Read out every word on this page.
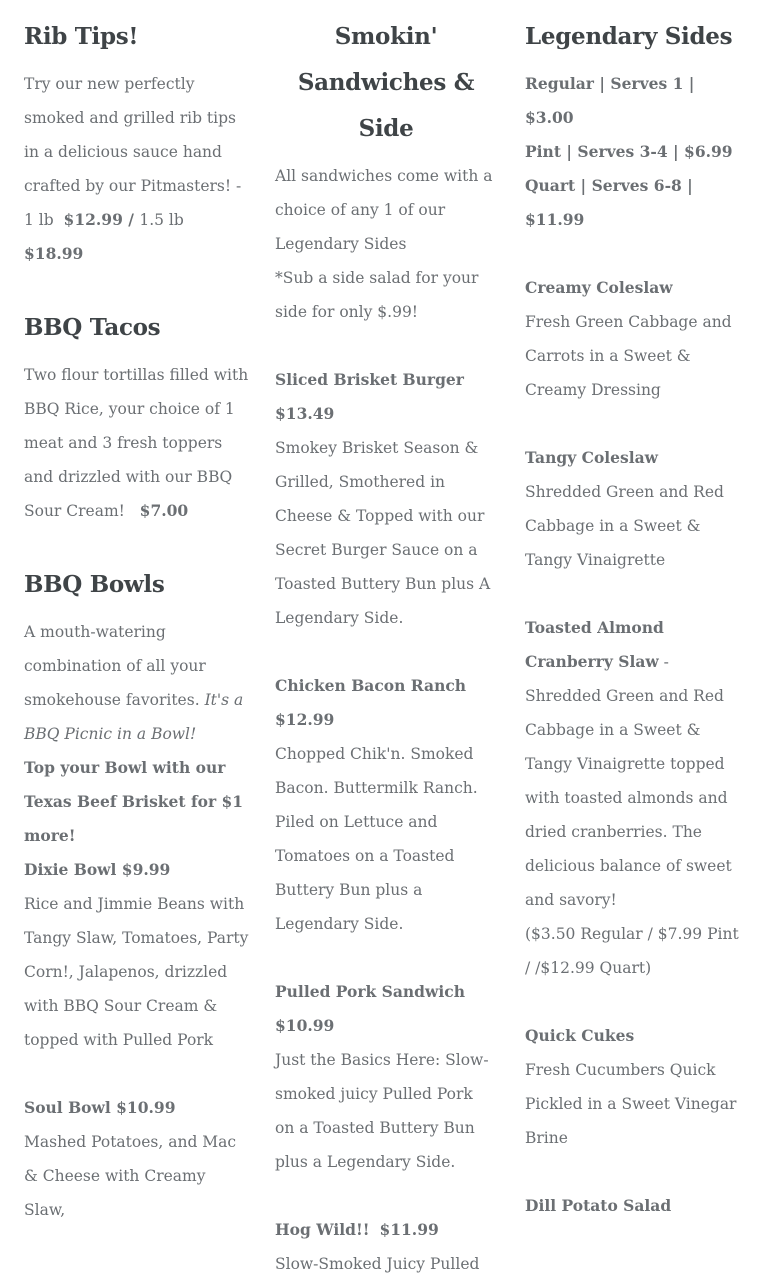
Rib Tips!

Try our new perfectly smoked and grilled rib tips in a delicious sauce hand crafted by our Pitmasters! - 1 lb $12.99 / 1.5 lb  $18.99

BBQ Tacos

Two flour tortillas filled with BBQ Rice, your choice of 1 meat and 3 fresh toppers and drizzled with our BBQ Sour Cream! $7.00

BBQ Bowls

A mouth-watering combination of all your smokehouse favorites. It's a BBQ Picnic in a Bowl!

Top your Bowl with our Texas Beef Brisket for $1 more!

Dixie Bowl $9.99

Rice and Jimmie Beans with Tangy Slaw, Tomatoes, Party Corn!, Jalapenos, drizzled with BBQ Sour Cream & topped with Pulled Pork

Soul Bowl $10.99

Mashed Potatoes, and Mac & Cheese with Creamy Slaw,

Smokin' Sandwiches & Side

All sandwiches come with a choice of any 1 of our Legendary Sides

*Sub a side salad for your side for only $.99!

Sliced Brisket Burger  $13.49

Smokey Brisket Season & Grilled, Smothered in Cheese & Topped with our Secret Burger Sauce on a Toasted Buttery Bun plus A Legendary Side.

Chicken Bacon Ranch  $12.99

Chopped Chik'n. Smoked Bacon. Buttermilk Ranch. Piled on Lettuce and Tomatoes on a Toasted Buttery Bun plus a Legendary Side.

Pulled Pork Sandwich  $10.99

Just the Basics Here: Slow-smoked juicy Pulled Pork on a Toasted Buttery Bun plus a Legendary Side.

Hog Wild!! $11.99

Slow-Smoked Juicy Pulled

Legendary Sides

Regular | Serves 1 | $3.00

Pint | Serves 3-4 | $6.99

Quart | Serves 6-8 | $11.99

Creamy Coleslaw

Fresh Green Cabbage and Carrots in a Sweet & Creamy Dressing

Tangy Coleslaw

Shredded Green and Red Cabbage in a Sweet & Tangy Vinaigrette

Toasted Almond Cranberry Slaw - Shredded Green and Red Cabbage in a Sweet & Tangy Vinaigrette topped with toasted almonds and dried cranberries. The delicious balance of sweet and savory!

($3.50 Regular / $7.99 Pint / /$12.99 Quart)

Quick Cukes

Fresh Cucumbers Quick Pickled in a Sweet Vinegar Brine

Dill Potato Salad
